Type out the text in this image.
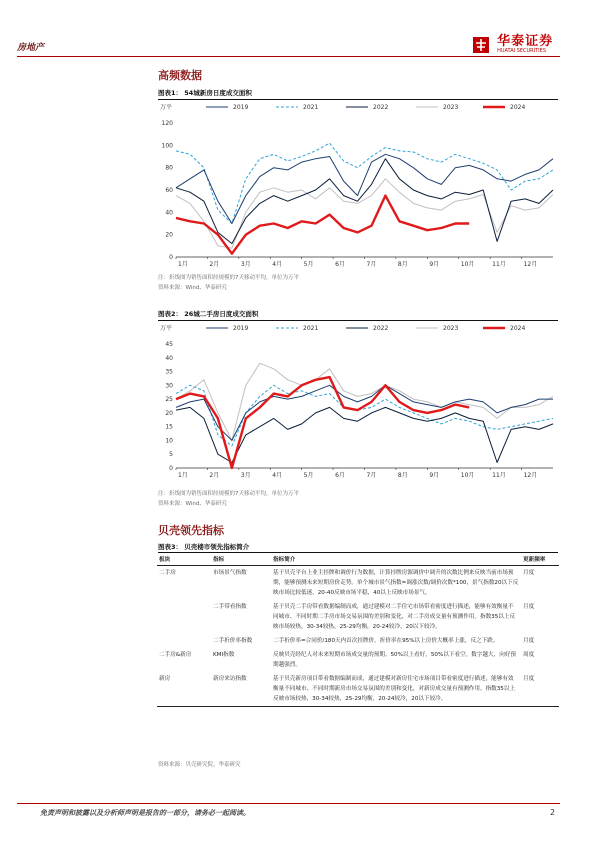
房地产
	华泰证券
HUATAI SECURITIES
高频数据
图表1： 54城新房日度成交面积
万平	2019	2021	2022	2023	2024
0
20
40
60
80
100
120
1月	2月	3月	4月	5月	6月	7月	8月	9月	10月	11月	12月
注：折线图为销售面积经规模的7天移动平均，单位为万平
资料来源：Wind、华泰研究
图表2： 26城二手房日度成交面积
万平	2019	2021	2022	2023	2024
0
5
10
15
20
25
30
35
40
45
1月	2月	3月	4月	5月	6月	7月	8月	9月	10月	11月	12月
注：折线图为销售面积经规模的7天移动平均，单位为万平
资料来源：Wind、华泰研究
贝壳领先指标
图表3： 贝壳楼市领先指标简介
板块	指标	指标简介	更新频率
二手房	市场景气指数	基于贝壳平台上业主挂牌和调价行为数据，计算挂牌房源调价中调升的次数比例来反映当前市场预期，能够预测未来短期房价走势。单个城市景气指数=调涨次数/调价次数*100，景气指数20以下反映市场比较低迷，20-40反映市场平稳，40以上反映市场景气。	月度
	二手带看指数	基于贝壳二手房带看数据编制而成，通过建模对二手住宅市场带看密度进行描述，能够有效衡量不同城市、不同时期二手房市场交易氛围的差别和变化，对二手房成交量有预测作用。指数35以上反映市场较热，30-34较热，25-29均衡，20-24较冷，20以下较冷。	月度
	二手折价率指数	二手折价率=合同价/180天内首次挂牌价。折价率在95%以上房价大概率上涨，反之下跌。	月度
二手房&新房	KMI指数	反映贝壳经纪人对未来短期市场成交量的预期。50%以上看好，50%以下看空。数字越大，向好预期越强烈。	周度
新房	新房来访指数	基于贝壳新房项目带看数据编制而成，通过建模对新房住宅市场项目带看密度进行描述，能够有效衡量不同城市、不同时期新房市场交易氛围的差别和变化，对新房成交量有预测作用。指数35以上反映市场较热，30-34较热，25-29均衡，20-24较冷，20以下较冷。	月度
资料来源：贝壳研究院、华泰研究
免责声明和披露以及分析师声明是报告的一部分，请务必一起阅读。	2
